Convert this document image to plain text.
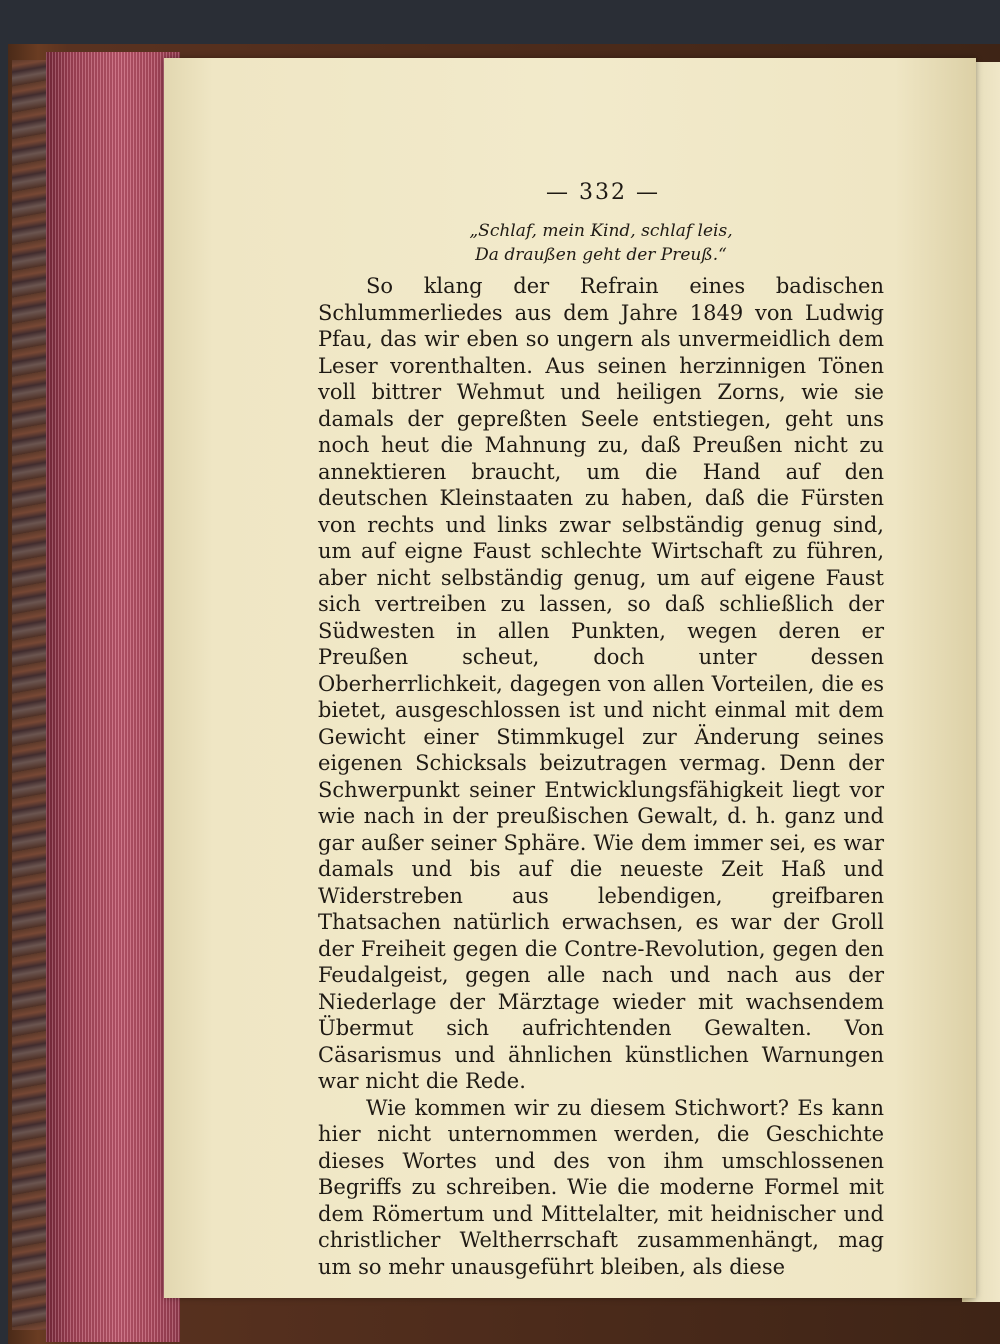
— 332 —
„Schlaf, mein Kind, schlaf leis,
Da draußen geht der Preuß.“

So klang der Refrain eines badischen Schlummerliedes aus dem Jahre 1849 von Ludwig Pfau, das wir eben so ungern als unvermeidlich dem Leser vorenthalten. Aus seinen herzinnigen Tönen voll bittrer Wehmut und heiligen Zorns, wie sie damals der gepreßten Seele entstiegen, geht uns noch heut die Mahnung zu, daß Preußen nicht zu annektieren braucht, um die Hand auf den deutschen Kleinstaaten zu haben, daß die Fürsten von rechts und links zwar selbständig genug sind, um auf eigne Faust schlechte Wirtschaft zu führen, aber nicht selbständig genug, um auf eigene Faust sich vertreiben zu lassen, so daß schließlich der Südwesten in allen Punkten, wegen deren er Preußen scheut, doch unter dessen Oberherrlichkeit, dagegen von allen Vorteilen, die es bietet, ausgeschlossen ist und nicht einmal mit dem Gewicht einer Stimmkugel zur Änderung seines eigenen Schicksals beizutragen vermag. Denn der Schwerpunkt seiner Entwicklungsfähigkeit liegt vor wie nach in der preußischen Gewalt, d. h. ganz und gar außer seiner Sphäre. Wie dem immer sei, es war damals und bis auf die neueste Zeit Haß und Widerstreben aus lebendigen, greifbaren Thatsachen natürlich erwachsen, es war der Groll der Freiheit gegen die Contre-Revolution, gegen den Feudalgeist, gegen alle nach und nach aus der Niederlage der Märztage wieder mit wachsendem Übermut sich aufrichtenden Gewalten. Von Cäsarismus und ähnlichen künstlichen Warnungen war nicht die Rede.

Wie kommen wir zu diesem Stichwort? Es kann hier nicht unternommen werden, die Geschichte dieses Wortes und des von ihm umschlossenen Begriffs zu schreiben. Wie die moderne Formel mit dem Römertum und Mittelalter, mit heidnischer und christlicher Weltherrschaft zusammenhängt, mag um so mehr unausgeführt bleiben, als diese
